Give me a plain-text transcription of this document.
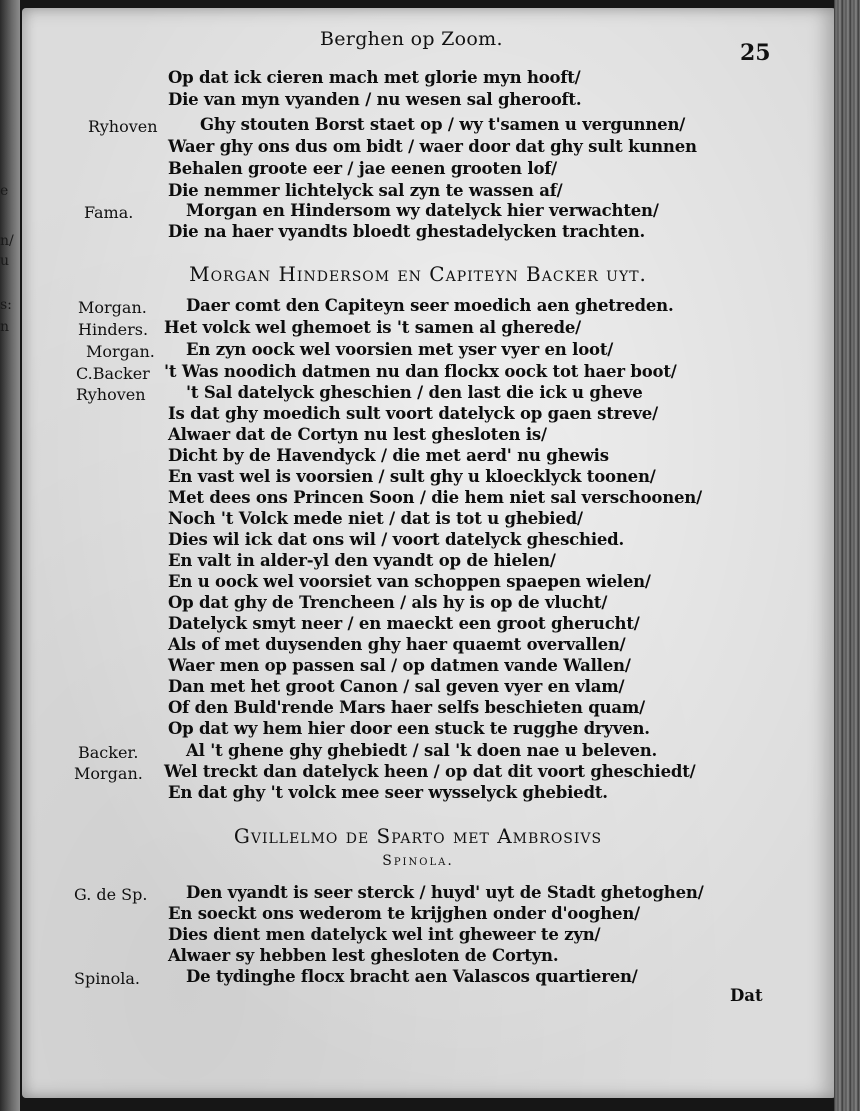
e
n/
u
s:
n
Berghen op Zoom.
25
Op dat ick cieren mach met glorie myn hooft/
Die van myn vyanden / nu wesen sal gherooft.
Ryhoven	Ghy stouten Borst staet op / wy t'samen u vergunnen/
Waer ghy ons dus om bidt / waer door dat ghy sult kunnen
Behalen groote eer / jae eenen grooten lof/
Die nemmer lichtelyck sal zyn te wassen af/
Fama.	Morgan en Hindersom wy datelyck hier verwachten/
Die na haer vyandts bloedt ghestadelycken trachten.
Morgan Hindersom en Capiteyn Backer uyt.
Morgan. Daer comt den Capiteyn seer moedich aen ghetreden.
Hinders. Het volck wel ghemoet is 't samen al gherede/
Morgan. En zyn oock wel voorsien met yser vyer en loot/
C.Backer 't Was noodich datmen nu dan flockx oock tot haer boot/
Ryhoven 't Sal datelyck gheschien / den last die ick u gheve
Is dat ghy moedich sult voort datelyck op gaen streve/
Alwaer dat de Cortyn nu lest ghesloten is/
Dicht by de Havendyck / die met aerd' nu ghewis
En vast wel is voorsien / sult ghy u kloecklyck toonen/
Met dees ons Princen Soon / die hem niet sal verschoonen/
Noch 't Volck mede niet / dat is tot u ghebied/
Dies wil ick dat ons wil / voort datelyck gheschied.
En valt in alder-yl den vyandt op de hielen/
En u oock wel voorsiet van schoppen spaepen wielen/
Op dat ghy de Trencheen / als hy is op de vlucht/
Datelyck smyt neer / en maeckt een groot gherucht/
Als of met duysenden ghy haer quaemt overvallen/
Waer men op passen sal / op datmen vande Wallen/
Dan met het groot Canon / sal geven vyer en vlam/
Of den Buld'rende Mars haer selfs beschieten quam/
Op dat wy hem hier door een stuck te rugghe dryven.
Backer.	Al 't ghene ghy ghebiedt / sal 'k doen nae u beleven.
Morgan. Wel treckt dan datelyck heen / op dat dit voort gheschiedt/
En dat ghy 't volck mee seer wysselyck ghebiedt.
Gvillelmo de Sparto met Ambrosivs
Spinola.
G. de Sp. Den vyandt is seer sterck / huyd' uyt de Stadt ghetoghen/
En soeckt ons wederom te krijghen onder d'ooghen/
Dies dient men datelyck wel int gheweer te zyn/
Alwaer sy hebben lest ghesloten de Cortyn.
Spinola.	De tydinghe flocx bracht aen Valascos quartieren/
Dat
